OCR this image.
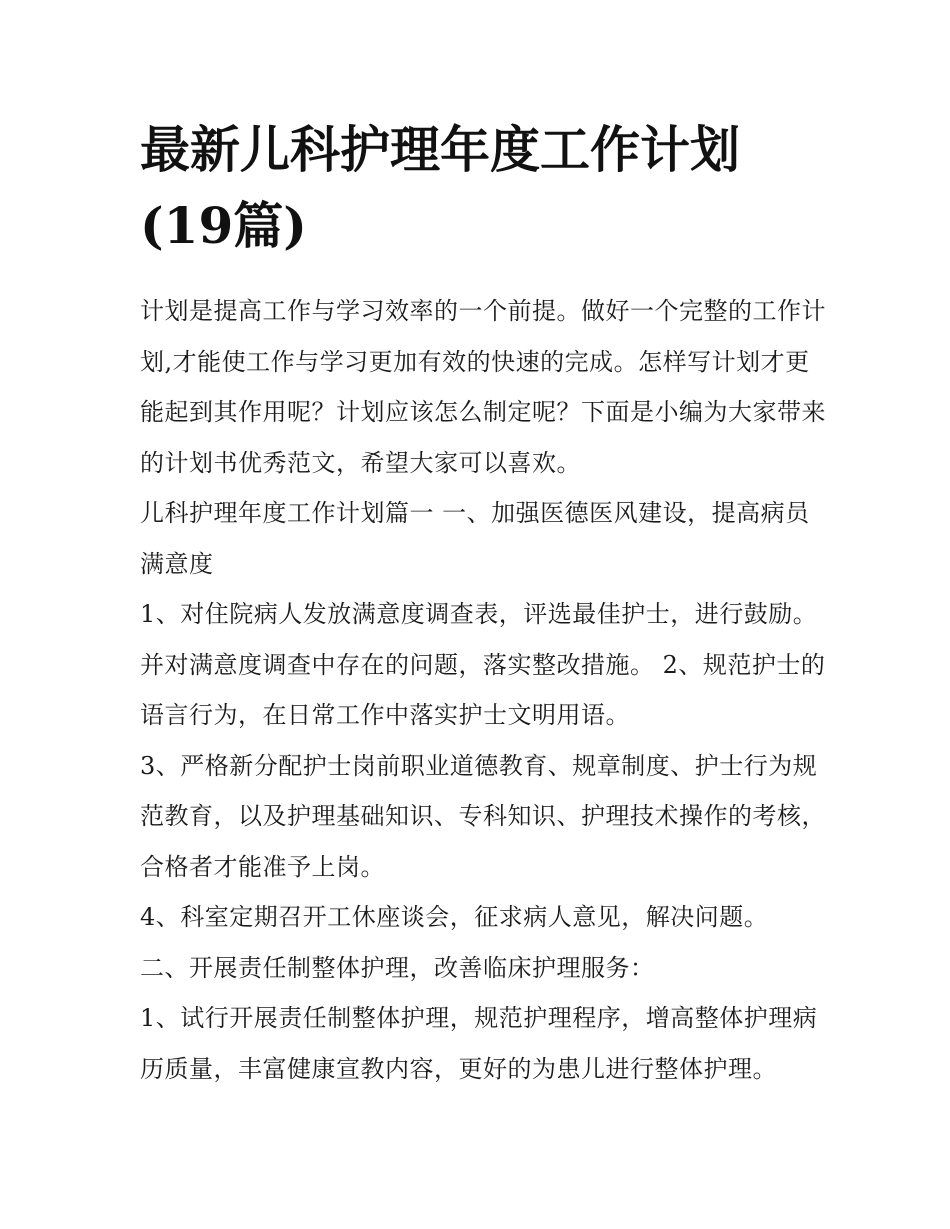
最新儿科护理年度工作计划(19篇)

计划是提高工作与学习效率的一个前提。做好一个完整的工作计划,才能使工作与学习更加有效的快速的完成。怎样写计划才更能起到其作用呢？计划应该怎么制定呢？下面是小编为大家带来的计划书优秀范文，希望大家可以喜欢。

儿科护理年度工作计划篇一 一、加强医德医风建设，提高病员满意度

1、对住院病人发放满意度调查表，评选最佳护士，进行鼓励。并对满意度调查中存在的问题，落实整改措施。 2、规范护士的语言行为，在日常工作中落实护士文明用语。

3、严格新分配护士岗前职业道德教育、规章制度、护士行为规范教育，以及护理基础知识、专科知识、护理技术操作的考核，合格者才能准予上岗。

4、科室定期召开工休座谈会，征求病人意见，解决问题。

二、开展责任制整体护理，改善临床护理服务：

1、试行开展责任制整体护理，规范护理程序，增高整体护理病历质量，丰富健康宣教内容，更好的为患儿进行整体护理。
